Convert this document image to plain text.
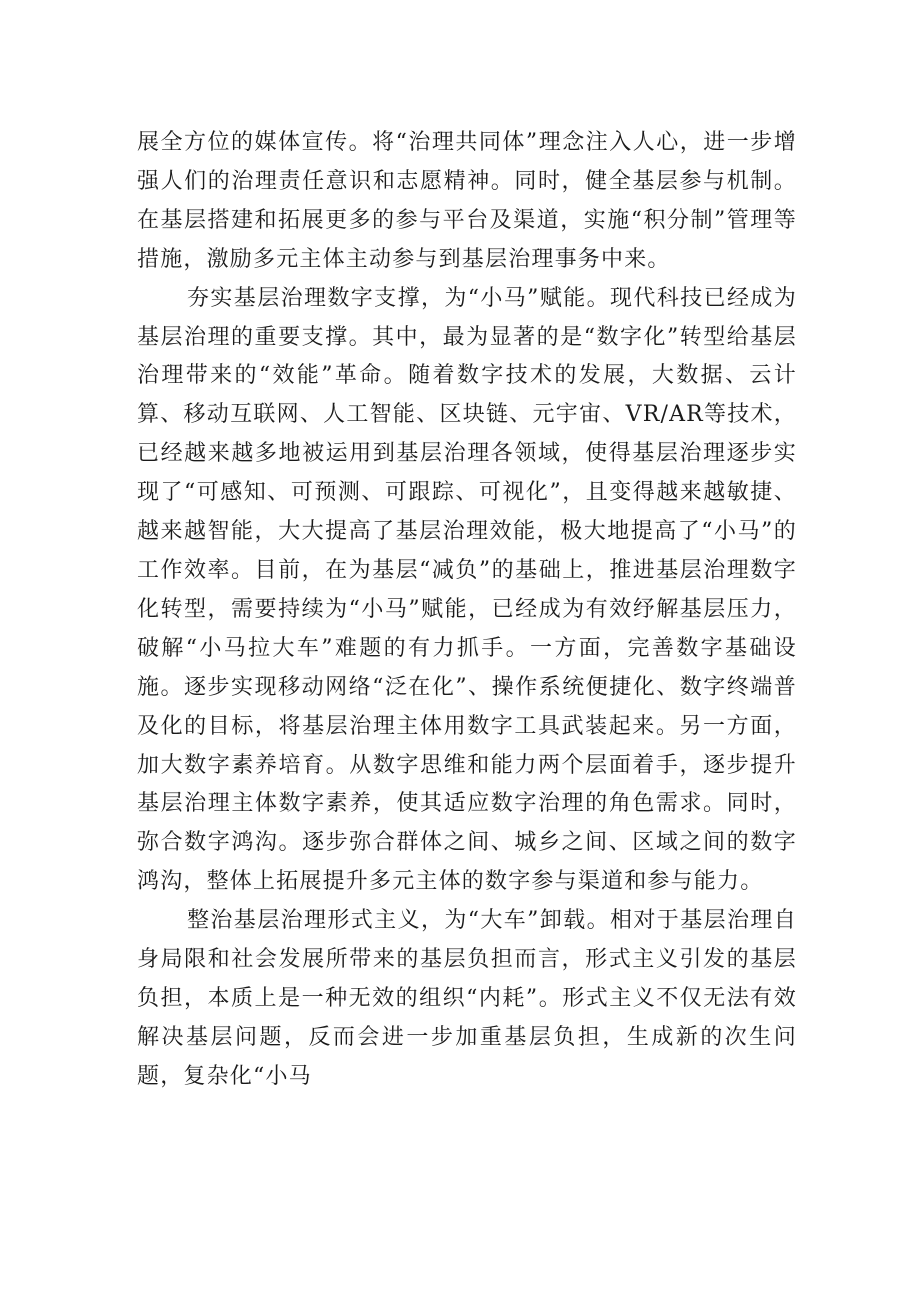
展全方位的媒体宣传。将“治理共同体”理念注入人心，进一步增强人们的治理责任意识和志愿精神。同时，健全基层参与机制。在基层搭建和拓展更多的参与平台及渠道，实施“积分制”管理等措施，激励多元主体主动参与到基层治理事务中来。

夯实基层治理数字支撑，为“小马”赋能。现代科技已经成为基层治理的重要支撑。其中，最为显著的是“数字化”转型给基层治理带来的“效能”革命。随着数字技术的发展，大数据、云计算、移动互联网、人工智能、区块链、元宇宙、VR/AR等技术，已经越来越多地被运用到基层治理各领域，使得基层治理逐步实现了“可感知、可预测、可跟踪、可视化”，且变得越来越敏捷、越来越智能，大大提高了基层治理效能，极大地提高了“小马”的工作效率。目前，在为基层“减负”的基础上，推进基层治理数字化转型，需要持续为“小马”赋能，已经成为有效纾解基层压力，破解“小马拉大车”难题的有力抓手。一方面，完善数字基础设施。逐步实现移动网络“泛在化”、操作系统便捷化、数字终端普及化的目标，将基层治理主体用数字工具武装起来。另一方面，加大数字素养培育。从数字思维和能力两个层面着手，逐步提升基层治理主体数字素养，使其适应数字治理的角色需求。同时，弥合数字鸿沟。逐步弥合群体之间、城乡之间、区域之间的数字鸿沟，整体上拓展提升多元主体的数字参与渠道和参与能力。

整治基层治理形式主义，为“大车”卸载。相对于基层治理自身局限和社会发展所带来的基层负担而言，形式主义引发的基层负担，本质上是一种无效的组织“内耗”。形式主义不仅无法有效解决基层问题，反而会进一步加重基层负担，生成新的次生问题，复杂化“小马
